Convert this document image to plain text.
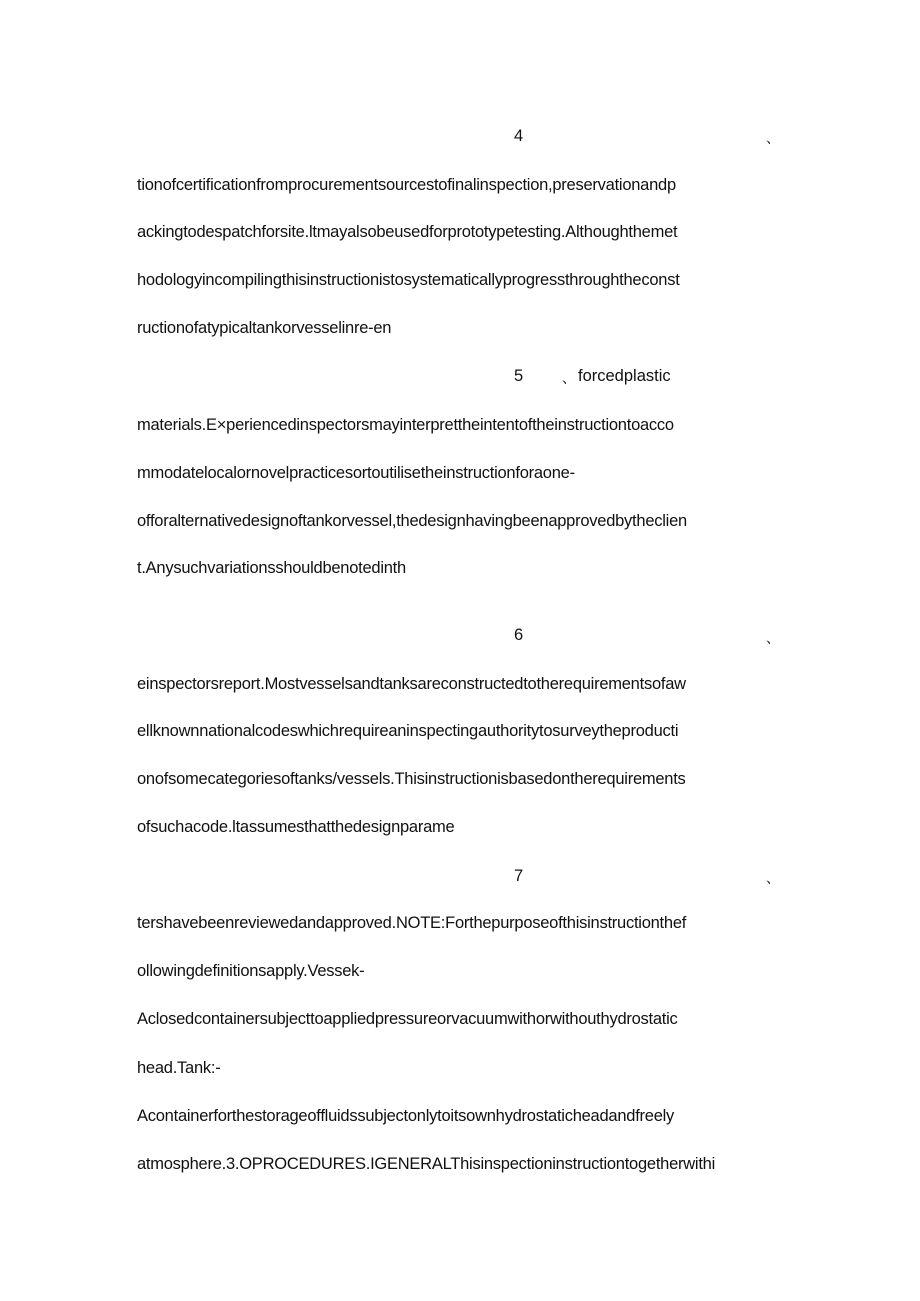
4	、
tionofcertificationfromprocurementsourcestofinalinspection,preservationandp
ackingtodespatchforsite.ltmayalsobeusedforprototypetesting.Althoughthemet
hodologyincompilingthisinstructionistosystematicallyprogressthroughtheconst
ructionofatypicaltankorvesselinre-en
5	、 forcedplastic
materials.E×periencedinspectorsmayinterprettheintentoftheinstructiontoacco
mmodatelocalornovelpracticesortoutilisetheinstructionforaone-
offoralternativedesignoftankorvessel,thedesignhavingbeenapprovedbytheclien
t.Anysuchvariationsshouldbenotedinth
6	、
einspectorsreport.Mostvesselsandtanksareconstructedtotherequirementsofaw
ellknownnationalcodeswhichrequireaninspectingauthoritytosurveytheproducti
onofsomecategoriesoftanks/vessels.Thisinstructionisbasedontherequirements
ofsuchacode.ltassumesthatthedesignparame
7	、
tershavebeenreviewedandapproved.NOTE:Forthepurposeofthisinstructionthef
ollowingdefinitionsapply.Vessek-
Aclosedcontainersubjecttoappliedpressureorvacuumwithorwithouthydrostatic
head.Tank:-
Acontainerforthestorageoffluidssubjectonlytoitsownhydrostaticheadandfreely
atmosphere.3.OPROCEDURES.IGENERALThisinspectioninstructiontogetherwithi
